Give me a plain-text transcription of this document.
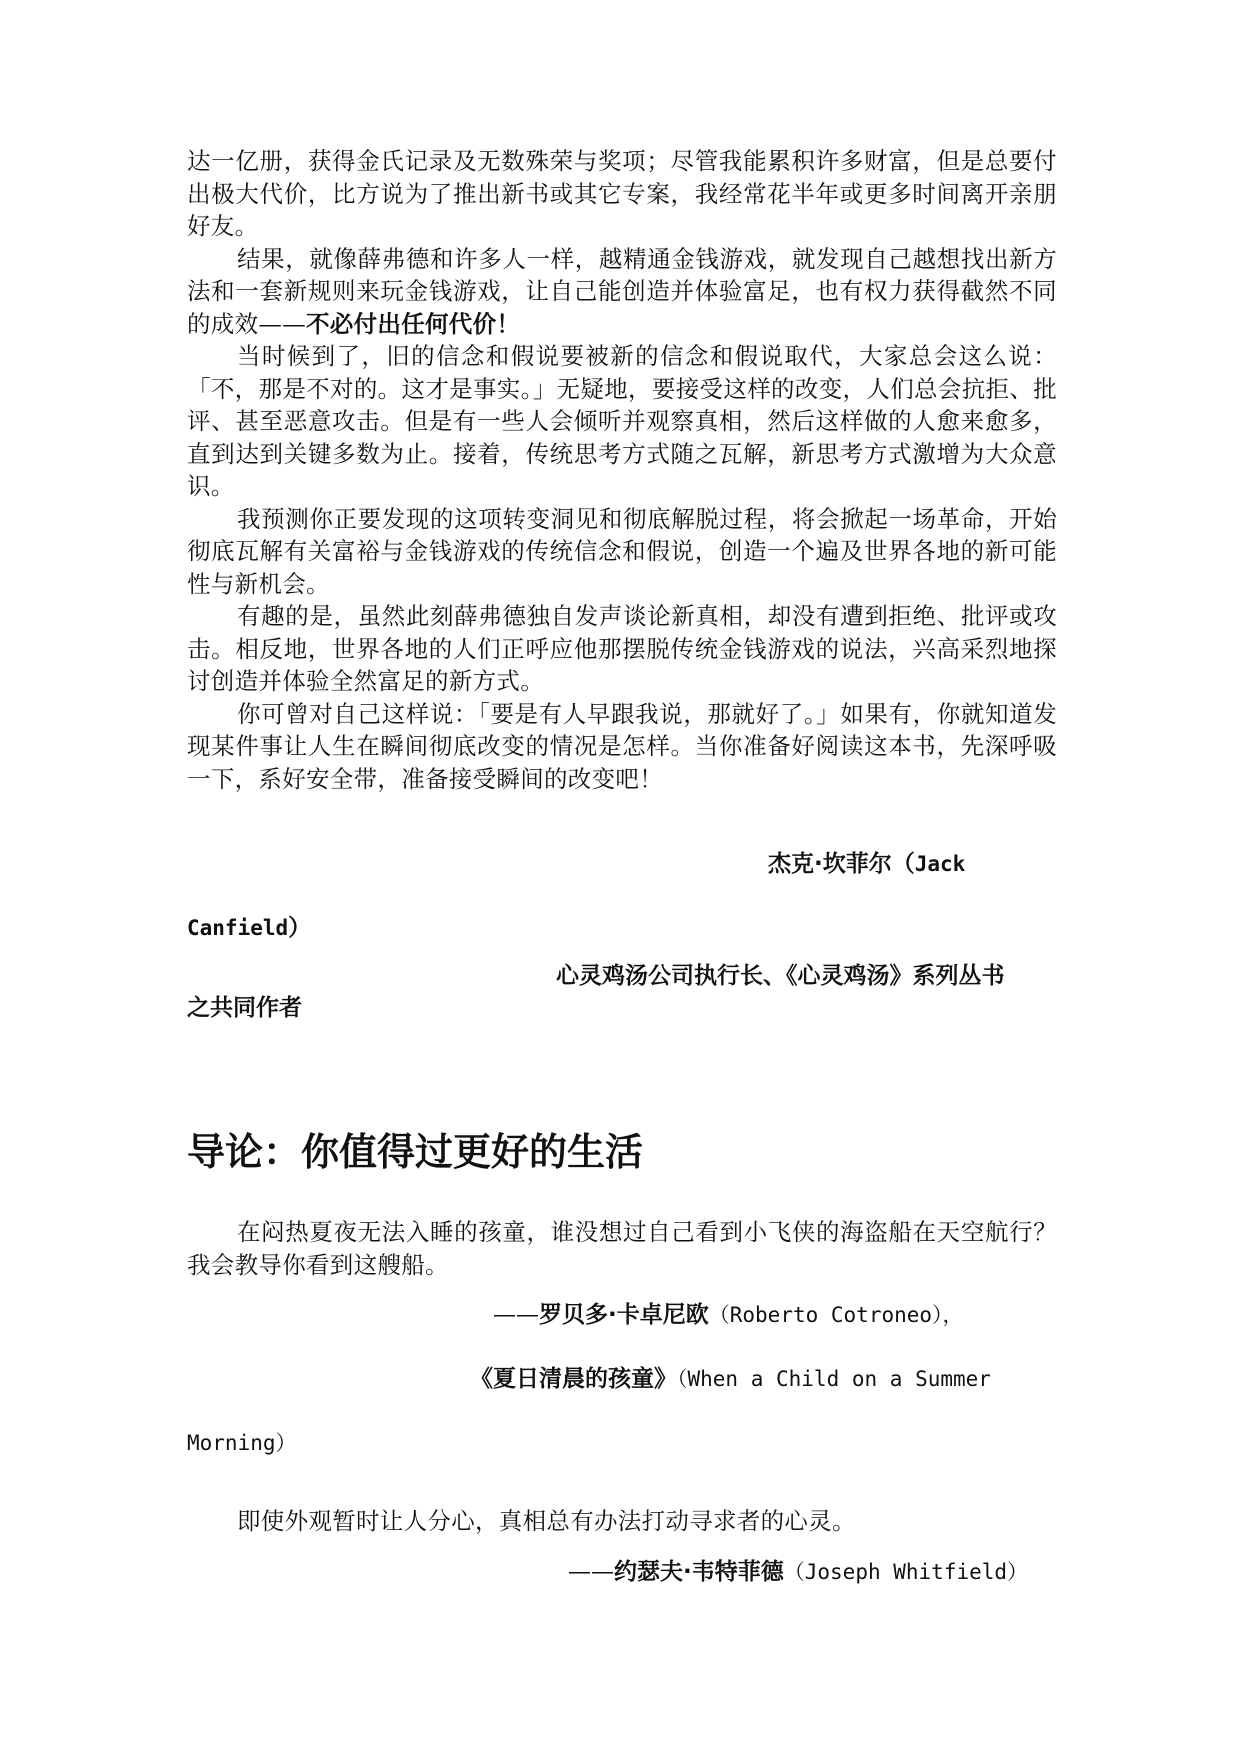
达一亿册，获得金氏记录及无数殊荣与奖项；尽管我能累积许多财富，但是总要付出极大代价，比方说为了推出新书或其它专案，我经常花半年或更多时间离开亲朋好友。

结果，就像薛弗德和许多人一样，越精通金钱游戏，就发现自己越想找出新方法和一套新规则来玩金钱游戏，让自己能创造并体验富足，也有权力获得截然不同的成效——不必付出任何代价！

当时候到了，旧的信念和假说要被新的信念和假说取代，大家总会这么说：「不，那是不对的。这才是事实。」无疑地，要接受这样的改变，人们总会抗拒、批评、甚至恶意攻击。但是有一些人会倾听并观察真相，然后这样做的人愈来愈多，直到达到关键多数为止。接着，传统思考方式随之瓦解，新思考方式激增为大众意识。

我预测你正要发现的这项转变洞见和彻底解脱过程，将会掀起一场革命，开始彻底瓦解有关富裕与金钱游戏的传统信念和假说，创造一个遍及世界各地的新可能性与新机会。

有趣的是，虽然此刻薛弗德独自发声谈论新真相，却没有遭到拒绝、批评或攻击。相反地，世界各地的人们正呼应他那摆脱传统金钱游戏的说法，兴高采烈地探讨创造并体验全然富足的新方式。

你可曾对自己这样说：「要是有人早跟我说，那就好了。」如果有，你就知道发现某件事让人生在瞬间彻底改变的情况是怎样。当你准备好阅读这本书，先深呼吸一下，系好安全带，准备接受瞬间的改变吧！

杰克·坎菲尔（Jack

Canfield）

心灵鸡汤公司执行长、《心灵鸡汤》系列丛书

之共同作者

导论：你值得过更好的生活

在闷热夏夜无法入睡的孩童，谁没想过自己看到小飞侠的海盗船在天空航行？我会教导你看到这艘船。

——罗贝多·卡卓尼欧（Roberto Cotroneo），

《夏日清晨的孩童》（When a Child on a Summer

Morning）

即使外观暂时让人分心，真相总有办法打动寻求者的心灵。

——约瑟夫·韦特菲德（Joseph Whitfield）
